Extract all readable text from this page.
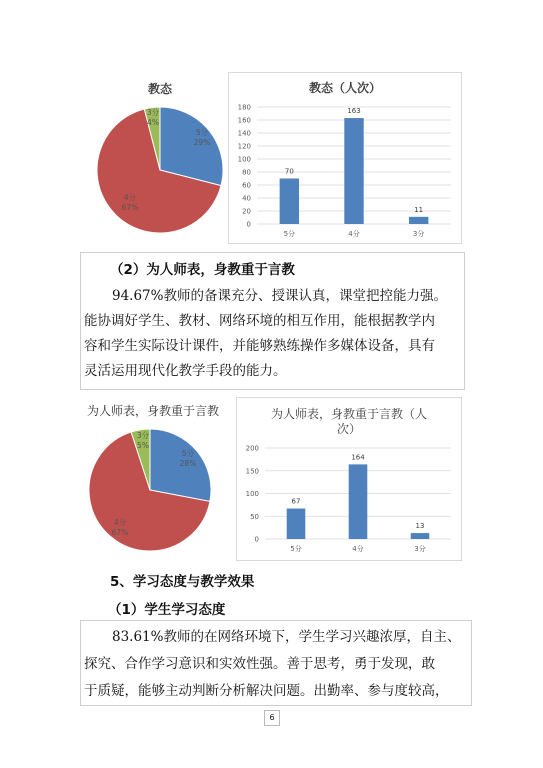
教态
5分
29%
4分
67%
3分
4%
教态（人次）
0
20
40
60
80
100
120
140
160
180
70
5分
163
4分
11
3分
（2）为人师表，身教重于言教

94.67%教师的备课充分、授课认真，课堂把控能力强。

能协调好学生、教材、网络环境的相互作用，能根据教学内

容和学生实际设计课件，并能够熟练操作多媒体设备，具有

灵活运用现代化教学手段的能力。

为人师表，身教重于言教
5分
28%
4分
67%
3分
5%
为人师表，身教重于言教（人
次）
0
50
100
150
200
67
5分
164
4分
13
3分
5、学习态度与教学效果
（1）学生学习态度

83.61%教师的在网络环境下，学生学习兴趣浓厚，自主、

探究、合作学习意识和实效性强。善于思考，勇于发现，敢

于质疑，能够主动判断分析解决问题。出勤率、参与度较高，

6
